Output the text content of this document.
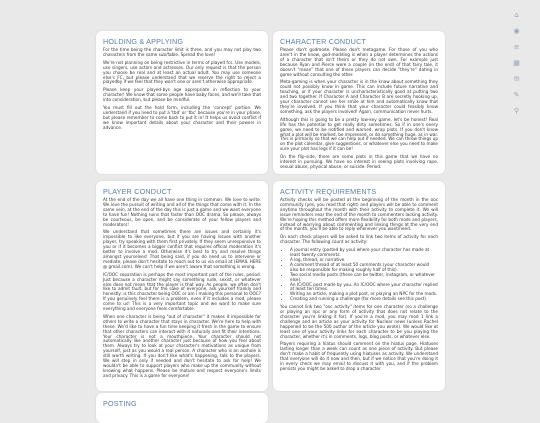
HOLDING & APPLYING

For the time being the character limit is three, and you may not play two characters from the same sub/fable. Spread the love!

We're not planning on being restrictive in terms of played fcs. Use models, use singers, use actors and actresses. Our only request is that the person you choose be real and at least an actual adult. You may use someone else's FC, but please understand that we reserve the right to reject a playedby if we feel that they won't one or aren't otherwise appropriate.

Please keep your played-bys age appropriate in reflection to your character! We know that some people have baby faces, and we'll take that into consideration, but please be mindful.

You must fill out the hold form, including the 'concept' portion. We understand if you need to put a 'tbd' or 'tbc' because you're in your phase, but please remember to come back to put it in! It helps us avoid conflict if we know important details about your character and their powers in advance.

CHARACTER CONDUCT

Please don't godmode. Please don't metagame. For those of you who aren't in the know, god-modding is when a player determines the actions of a character that isn't theirs or they do not own. For example just because Ryan and Pierce were a couple (in the end) of that fairy tale, it doesn't "mean" that one of these players can decide "they're" dating in game without consulting the other.

Meta-gaming is when your character is in the know about something they could not possibly know in game. This can include future narrative and teaching, or if your character is uncharacteristically good at putting two and two together. If Character A and Character B are secretly hooking up, your character cannot see her smile at him and automatically know that they're involved. If you think that your character could feasibly know something, ask the players involved! Again, communication never hurts.

Although this is going to be a pretty low-key game, let's be honest! Real life has the potential to get really dirty sometimes. So if in one's every game, we need to be notified and warned, wrap plots. If you don't know what a plot will be marked, be impressed, or do something huge, as in war. This is primarily so that we can help out if needed. We can throw things up on the plot calendar, give suggestions, or whatever else you need to make sure your plot has legs if it can be!

On the flip-side, there are some plots in this game that we have no interest in pursuing. We have no interest in seeing plots involving rape, sexual abuse, physical abuse, or suicide. Period.

PLAYER CONDUCT

At the end of the day we all have one thing in common. We love to write. We love the pursuit of writing and all of the things that come with it. In the same vein, at the end of the day this is just a game and we want everyone to have fun! Nothing ruins that faster than OOC drama. So please, always be courteous, be open, and be considerate of your fellow players and moderators!

We understand that sometimes there are issues and certainly it's impossible to like everyone, but if you are having issues with another player, try speaking with them first privately. If they seem unresponsive to you or if it becomes a bigger conflict that requires official moderation it's better to involve a mod. Otherwise it's best to try and resolve things amongst yourselves! That being said, if you do need us to intervene or mediate, please don't hesitate to reach out to us via email at (EMAIL HERE @ gmail.com). We can't help if we aren't aware that something is wrong.

IC/OOC separation is perhaps the most important part of the rules, period. Just because a character might say something rude, sexist, or whatever else does not mean that the player is that way. As people, we often don't like to admit fault, but for the sake of everyone, ask yourself frankly and honestly: is this character being OOC or am I making this personal to OOC? If you genuinely feel there is a problem, even if it includes a mod, please come to us! This is a very important topic and we want to make sure everything and everyone feels comfortable.

When one character is being "out of character" it makes it impossible for others to write a character that stays in character. We're here to help with these. We'd like to have a fun time keeping it fresh in the game to ensure that other characters can interact with it naturally and fit their intentions. Your character is not a mouthpiece. Your character should not automatically like another character just because of how you feel about them. Always try to look at your character's motivations as unique from yourself, just as you would a real person. A character who is an asshole is still worth writing. If you don't like what's happening, talk to the players. We will step in only if needed and don't hesitate to ask for help! We wouldn't be able to support players who make up the community without knowing what happens. Please be mature and respect everyone's limits and privacy. This is a game for everyone!

ACTIVITY REQUIREMENTS

Activity checks will be posted at the beginning of the month in the ooc community (yes, you read that right) and players will be able to comment anytime throughout the month with their activity to complete it. We will issue reminders near the end of the month to commenters lacking activity. We're hoping this method offers more flexibility for both mods and players, instead of worrying about commenting and linking things at the very end of the month, you'll be able to reply whenever you want/need.

On each check players will be asked to link two items of activity for each character. The following count as activity:

• A journal entry (posted by you) where your character has made at least twenty comments.
• A log, thread, or narrative.
• A comment thread of at least 50 comments (your character would also be responsible for making roughly half of this).
• Two social media posts (these can be twitter, instagram, or whatever else).
• An IC/OOC post made by you. An IC/OOC where your character replied at least ten times.
• Writing an article, making a plot post, or playing an NPC for the mods.
• Creating and running a challenge (for more details see this post).

You cannot link two "ooc activity" items for one character (so a challenge or playing an npc or any form of activity that does not relate to the character you're linking it for). If you're a mod, you may mod 1 link a challenge and an article as your activity for Nuclear news (unless Rachel happened to be the 500 author of the article you wrote). We would like at least one of your activity links for each character to be you playing the character, whether it's in comments, logs, blog posts, or whatever else.

Players requiring a hiatus should comment on the hiatus page. Hiatuses lasting longer than a week can count as one piece of activity. But please don't make a habit of frequently using hiatuses as activity. We understand that everyone will do it now and then, but if we notice that you're doing it in every check we may email to discuss it with you, and if the problem persists you might be asked to drop a character.

POSTING
⌂
◉
≡
▦
✉
✎
⚲
